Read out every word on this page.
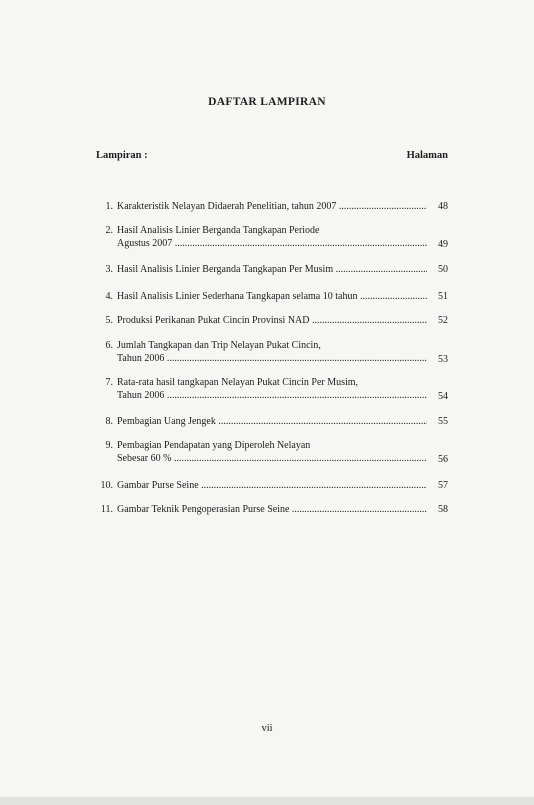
DAFTAR LAMPIRAN
Lampiran :	Halaman
1. Karakteristik Nelayan Didaerah Penelitian, tahun 2007 .....	48
2. Hasil Analisis Linier Berganda Tangkapan Periode
Agustus 2007 .....	49
3. Hasil Analisis Linier Berganda Tangkapan Per Musim .....	50
4. Hasil Analisis Linier Sederhana Tangkapan selama 10 tahun .....	51
5. Produksi Perikanan Pukat Cincin Provinsi NAD .....	52
6. Jumlah Tangkapan dan Trip Nelayan Pukat Cincin,
Tahun 2006 .....	53
7. Rata-rata hasil tangkapan Nelayan Pukat Cincin Per Musim,
Tahun 2006 .....	54
8. Pembagian Uang Jengek .....	55
9. Pembagian Pendapatan yang Diperoleh Nelayan
Sebesar 60 % .....	56
10. Gambar Purse Seine .....	57
11. Gambar Teknik Pengoperasian Purse Seine .....	58
vii
